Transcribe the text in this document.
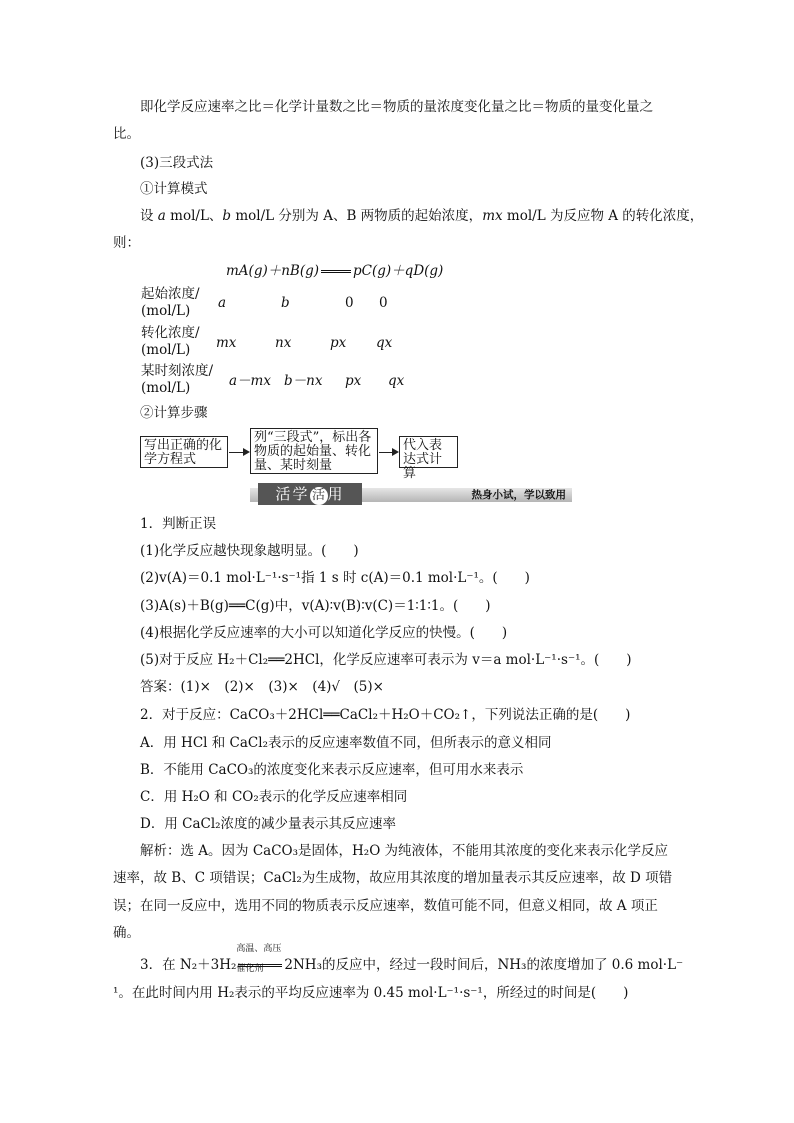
即化学反应速率之比＝化学计量数之比＝物质的量浓度变化量之比＝物质的量变化量之
比。
(3)三段式法
①计算模式
设 a mol/L、b mol/L 分别为 A、B 两物质的起始浓度，mx mol/L 为反应物 A 的转化浓度，
则：
mA(g)＋nB(g)	pC(g)＋qD(g)
起始浓度/
(mol/L)	a	b	0 0
转化浓度/
(mol/L)	mx	nx	px qx
某时刻浓度/
(mol/L)	a－mx b－nx px qx
②计算步骤
写出正确的化学方程式
列“三段式”，标出各物质的起始量、转化量、某时刻量
代入表达式计算
活学 活 用	热身小试，学以致用
1．判断正误
(1)化学反应越快现象越明显。(　　)
(2)v(A)＝0.1 mol·L⁻¹·s⁻¹指 1 s 时 c(A)＝0.1 mol·L⁻¹。(　　)
(3)A(s)＋B(g)══C(g)中，v(A)∶v(B)∶v(C)＝1∶1∶1。(　　)
(4)根据化学反应速率的大小可以知道化学反应的快慢。(　　)
(5)对于反应 H₂＋Cl₂══2HCl，化学反应速率可表示为 v＝a mol·L⁻¹·s⁻¹。(　　)
答案：(1)×　(2)×　(3)×　(4)√　(5)×
2．对于反应：CaCO₃＋2HCl══CaCl₂＋H₂O＋CO₂↑，下列说法正确的是(　　)
A．用 HCl 和 CaCl₂表示的反应速率数值不同，但所表示的意义相同
B．不能用 CaCO₃的浓度变化来表示反应速率，但可用水来表示
C．用 H₂O 和 CO₂表示的化学反应速率相同
D．用 CaCl₂浓度的减少量表示其反应速率
解析：选 A。因为 CaCO₃是固体，H₂O 为纯液体，不能用其浓度的变化来表示化学反应
速率，故 B、C 项错误；CaCl₂为生成物，故应用其浓度的增加量表示其反应速率，故 D 项错
误；在同一反应中，选用不同的物质表示反应速率，数值可能不同，但意义相同，故 A 项正
确。
3．在 N₂＋3H₂
高温、高压
催化剂 2NH₃的反应中，经过一段时间后，NH₃的浓度增加了 0.6 mol·L⁻
¹。在此时间内用 H₂表示的平均反应速率为 0.45 mol·L⁻¹·s⁻¹，所经过的时间是(　　)
